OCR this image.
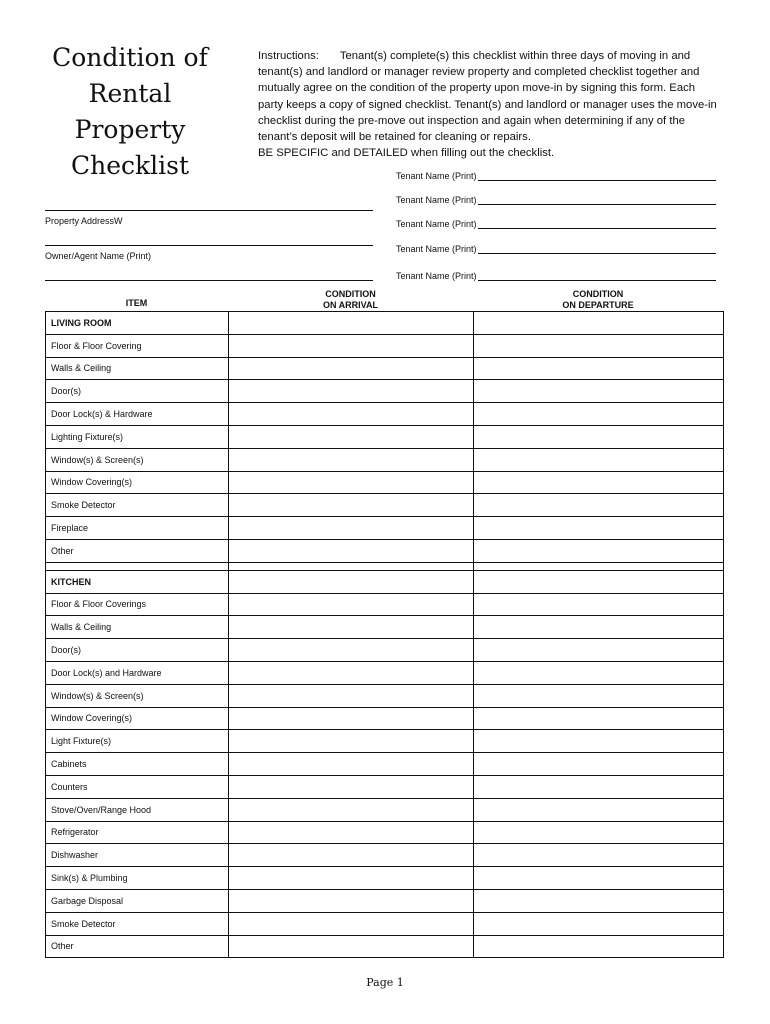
Condition of
Rental
Property
Checklist
Instructions: Tenant(s) complete(s) this checklist within three days of moving in and tenant(s) and landlord or manager review property and completed checklist together and mutually agree on the condition of the property upon move-in by signing this form. Each party keeps a copy of signed checklist. Tenant(s) and landlord or manager uses the move-in checklist during the pre-move out inspection and again when determining if any of the tenant’s deposit will be retained for cleaning or repairs.
BE SPECIFIC and DETAILED when filling out the checklist.
Tenant Name (Print)
Tenant Name (Print)
Tenant Name (Print)
Tenant Name (Print)
Tenant Name (Print)
Property AddressW
Owner/Agent Name (Print)
ITEM
CONDITION
ON ARRIVAL
CONDITION
ON DEPARTURE
LIVING ROOM		
Floor & Floor Covering		
Walls & Ceiling		
Door(s)		
Door Lock(s) & Hardware		
Lighting Fixture(s)		
Window(s) & Screen(s)		
Window Covering(s)		
Smoke Detector		
Fireplace		
Other		

KITCHEN		
Floor & Floor Coverings		
Walls & Ceiling		
Door(s)		
Door Lock(s) and Hardware		
Window(s) & Screen(s)		
Window Covering(s)		
Light Fixture(s)		
Cabinets		
Counters		
Stove/Oven/Range Hood		
Refrigerator		
Dishwasher		
Sink(s) & Plumbing		
Garbage Disposal		
Smoke Detector		
Other		
Page 1
